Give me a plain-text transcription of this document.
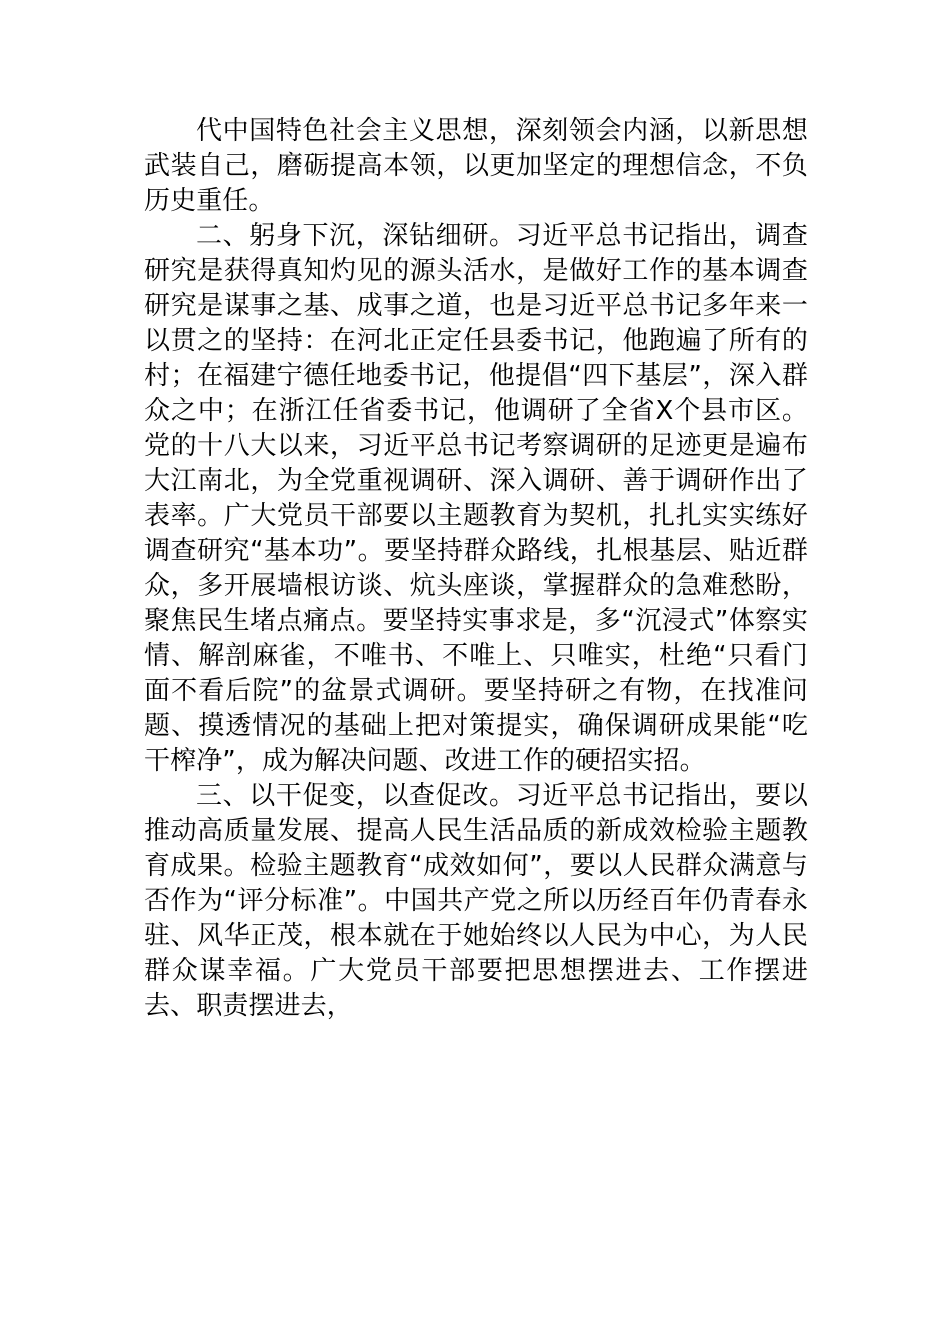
代中国特色社会主义思想，深刻领会内涵，以新思想武装自己，磨砺提高本领，以更加坚定的理想信念，不负历史重任。

二、躬身下沉，深钻细研。习近平总书记指出，调查研究是获得真知灼见的源头活水，是做好工作的基本调查研究是谋事之基、成事之道，也是习近平总书记多年来一以贯之的坚持：在河北正定任县委书记，他跑遍了所有的村；在福建宁德任地委书记，他提倡“四下基层”，深入群众之中；在浙江任省委书记，他调研了全省X个县市区。党的十八大以来，习近平总书记考察调研的足迹更是遍布大江南北，为全党重视调研、深入调研、善于调研作出了表率。广大党员干部要以主题教育为契机，扎扎实实练好调查研究“基本功”。要坚持群众路线，扎根基层、贴近群众，多开展墙根访谈、炕头座谈，掌握群众的急难愁盼，聚焦民生堵点痛点。要坚持实事求是，多“沉浸式”体察实情、解剖麻雀，不唯书、不唯上、只唯实，杜绝“只看门面不看后院”的盆景式调研。要坚持研之有物，在找准问题、摸透情况的基础上把对策提实，确保调研成果能“吃干榨净”，成为解决问题、改进工作的硬招实招。

三、以干促变，以查促改。习近平总书记指出，要以推动高质量发展、提高人民生活品质的新成效检验主题教育成果。检验主题教育“成效如何”，要以人民群众满意与否作为“评分标准”。中国共产党之所以历经百年仍青春永驻、风华正茂，根本就在于她始终以人民为中心，为人民群众谋幸福。广大党员干部要把思想摆进去、工作摆进去、职责摆进去，
